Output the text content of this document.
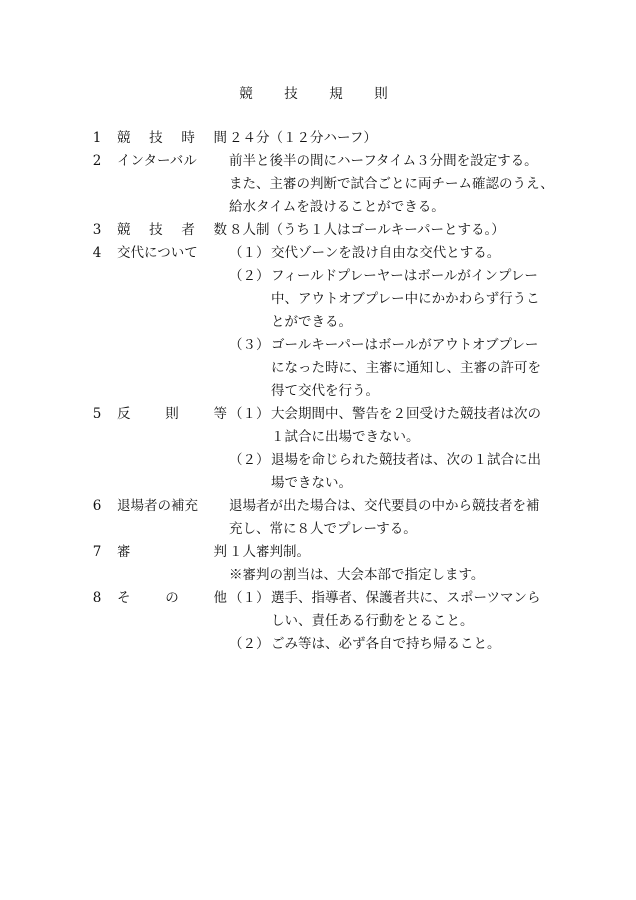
競　技　規　則
1 競 技 時 間 ２４分（１２分ハーフ）
2 インターバル 前半と後半の間にハーフタイム３分間を設定する。
また、主審の判断で試合ごとに両チーム確認のうえ、
給水タイムを設けることができる。
3 競 技 者 数 ８人制（うち１人はゴールキーパーとする。）
4 交代について （１） 交代ゾーンを設け自由な交代とする。
（２） フィールドプレーヤーはボールがインプレー
中、アウトオブプレー中にかかわらず行うこ
とができる。
（３） ゴールキーパーはボールがアウトオブプレー
になった時に、主審に通知し、主審の許可を
得て交代を行う。
5 反	則	等 （１） 大会期間中、警告を２回受けた競技者は次の
１試合に出場できない。
（２） 退場を命じられた競技者は、次の１試合に出
場できない。
6 退場者の補充 退場者が出た場合は、交代要員の中から競技者を補
充し、常に８人でプレーする。
7 審	判 １人審判制。
※審判の割当は、大会本部で指定します。
8 そ	の	他 （１） 選手、指導者、保護者共に、スポーツマンら
しい、責任ある行動をとること。
（２） ごみ等は、必ず各自で持ち帰ること。
